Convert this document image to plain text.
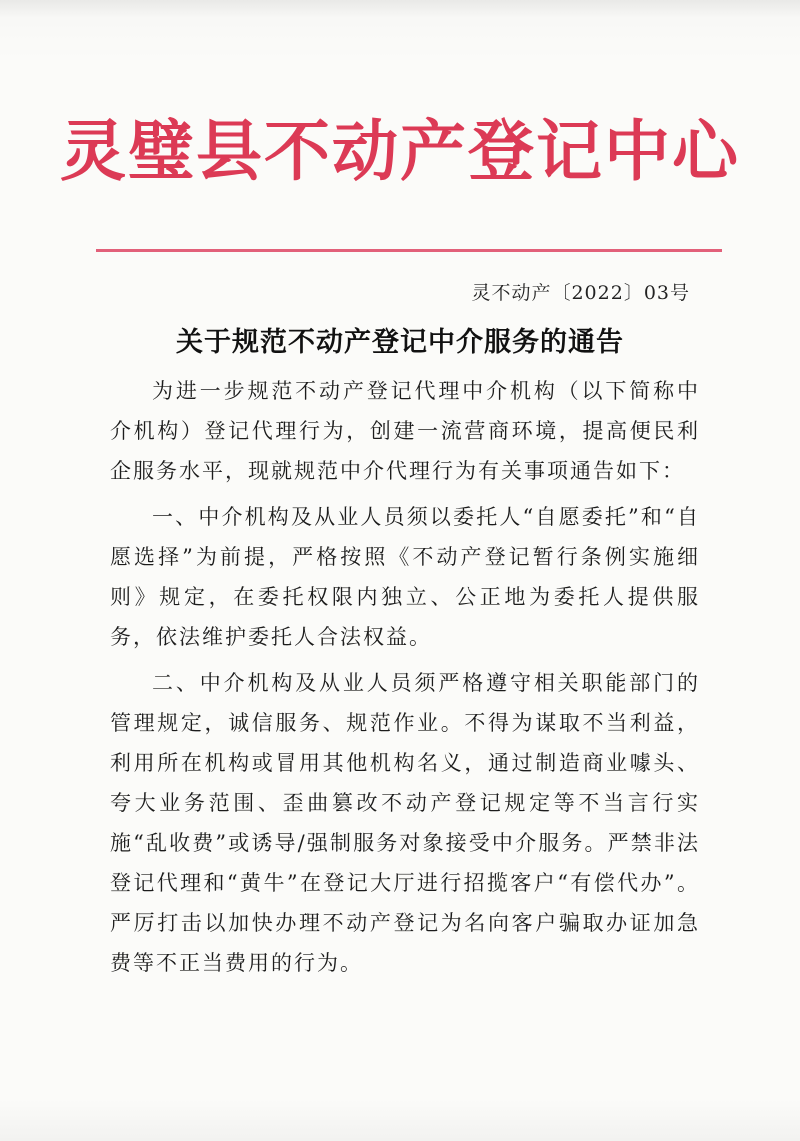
灵璧县不动产登记中心
灵不动产〔2022〕03号
关于规范不动产登记中介服务的通告

为进一步规范不动产登记代理中介机构（以下简称中介机构）登记代理行为，创建一流营商环境，提高便民利企服务水平，现就规范中介代理行为有关事项通告如下：

一、中介机构及从业人员须以委托人“自愿委托”和“自愿选择”为前提，严格按照《不动产登记暂行条例实施细则》规定，在委托权限内独立、公正地为委托人提供服务，依法维护委托人合法权益。

二、中介机构及从业人员须严格遵守相关职能部门的管理规定，诚信服务、规范作业。不得为谋取不当利益，利用所在机构或冒用其他机构名义，通过制造商业噱头、夸大业务范围、歪曲篡改不动产登记规定等不当言行实施“乱收费”或诱导/强制服务对象接受中介服务。严禁非法登记代理和“黄牛”在登记大厅进行招揽客户“有偿代办”。严厉打击以加快办理不动产登记为名向客户骗取办证加急费等不正当费用的行为。
